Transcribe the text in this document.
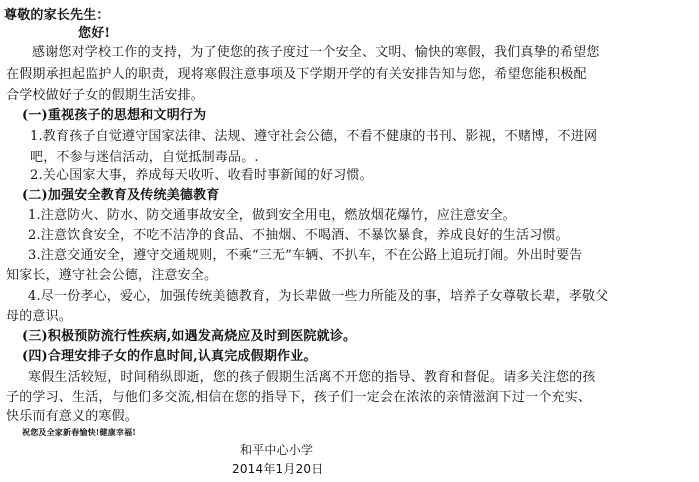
尊敬的家长先生：
您好!
感谢您对学校工作的支持，为了使您的孩子度过一个安全、文明、愉快的寒假，我们真挚的希望您
在假期承担起监护人的职责，现将寒假注意事项及下学期开学的有关安排告知与您，希望您能积极配
合学校做好子女的假期生活安排。
(一)重视孩子的思想和文明行为
1.教育孩子自觉遵守国家法律、法规、遵守社会公德，不看不健康的书刊、影视，不赌博，不进网
吧，不参与迷信活动，自觉抵制毒品。.
2.关心国家大事，养成每天收听、收看时事新闻的好习惯。
(二)加强安全教育及传统美德教育
1.注意防火、防水、防交通事故安全，做到安全用电，燃放烟花爆竹，应注意安全。
2.注意饮食安全，不吃不洁净的食品、不抽烟、不喝酒、不暴饮暴食，养成良好的生活习惯。
3.注意交通安全，遵守交通规则，不乘“三无”车辆、不扒车，不在公路上追玩打闹。外出时要告
知家长，遵守社会公德，注意安全。
4.尽一份孝心，爱心，加强传统美德教育，为长辈做一些力所能及的事，培养子女尊敬长辈，孝敬父
母的意识。
(三)积极预防流行性疾病,如遇发高烧应及时到医院就诊。
(四)合理安排子女的作息时间,认真完成假期作业。
寒假生活较短，时间稍纵即逝，您的孩子假期生活离不开您的指导、教育和督促。请多关注您的孩
子的学习、生活，与他们多交流,相信在您的指导下，孩子们一定会在浓浓的亲情滋润下过一个充实、
快乐而有意义的寒假。
祝您及全家新春愉快!健康幸福!
和平中心小学
2014年1月20日
